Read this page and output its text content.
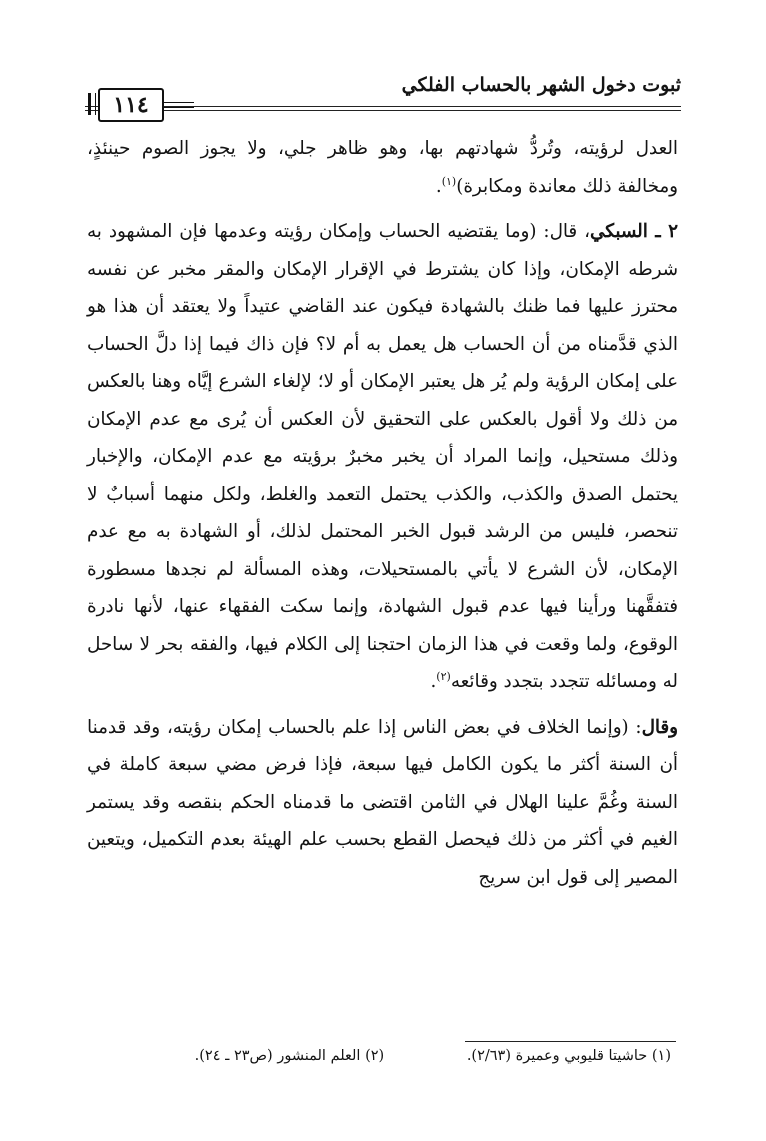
ثبوت دخول الشهر بالحساب الفلكي
١١٤

العدل لرؤيته، وتُردُّ شهادتهم بها، وهو ظاهر جلي، ولا يجوز الصوم حينئذٍ، ومخالفة ذلك معاندة ومكابرة)$^{(١)}$.

٢ ـ السبكي، قال: (وما يقتضيه الحساب وإمكان رؤيته وعدمها فإن المشهود به شرطه الإمكان، وإذا كان يشترط في الإقرار الإمكان والمقر مخبر عن نفسه محترز عليها فما ظنك بالشهادة فيكون عند القاضي عتيداً ولا يعتقد أن هذا هو الذي قدَّمناه من أن الحساب هل يعمل به أم لا؟ فإن ذاك فيما إذا دلَّ الحساب على إمكان الرؤية ولم يُر هل يعتبر الإمكان أو لا؛ لإلغاء الشرع إيَّاه وهنا بالعكس من ذلك ولا أقول بالعكس على التحقيق لأن العكس أن يُرى مع عدم الإمكان وذلك مستحيل، وإنما المراد أن يخبر مخبرٌ برؤيته مع عدم الإمكان، والإخبار يحتمل الصدق والكذب، والكذب يحتمل التعمد والغلط، ولكل منهما أسبابٌ لا تنحصر، فليس من الرشد قبول الخبر المحتمل لذلك، أو الشهادة به مع عدم الإمكان، لأن الشرع لا يأتي بالمستحيلات، وهذه المسألة لم نجدها مسطورة فتفقَّهنا ورأينا فيها عدم قبول الشهادة، وإنما سكت الفقهاء عنها، لأنها نادرة الوقوع، ولما وقعت في هذا الزمان احتجنا إلى الكلام فيها، والفقه بحر لا ساحل له ومسائله تتجدد بتجدد وقائعه$^{(٢)}$.

وقال: (وإنما الخلاف في بعض الناس إذا علم بالحساب إمكان رؤيته، وقد قدمنا أن السنة أكثر ما يكون الكامل فيها سبعة، فإذا فرض مضي سبعة كاملة في السنة وغُمَّ علينا الهلال في الثامن اقتضى ما قدمناه الحكم بنقصه وقد يستمر الغيم في أكثر من ذلك فيحصل القطع بحسب علم الهيئة بعدم التكميل، ويتعين المصير إلى قول ابن سريج

(١) حاشيتا قليوبي وعميرة (٢/٦٣). (٢) العلم المنشور (ص٢٣ ـ ٢٤).
